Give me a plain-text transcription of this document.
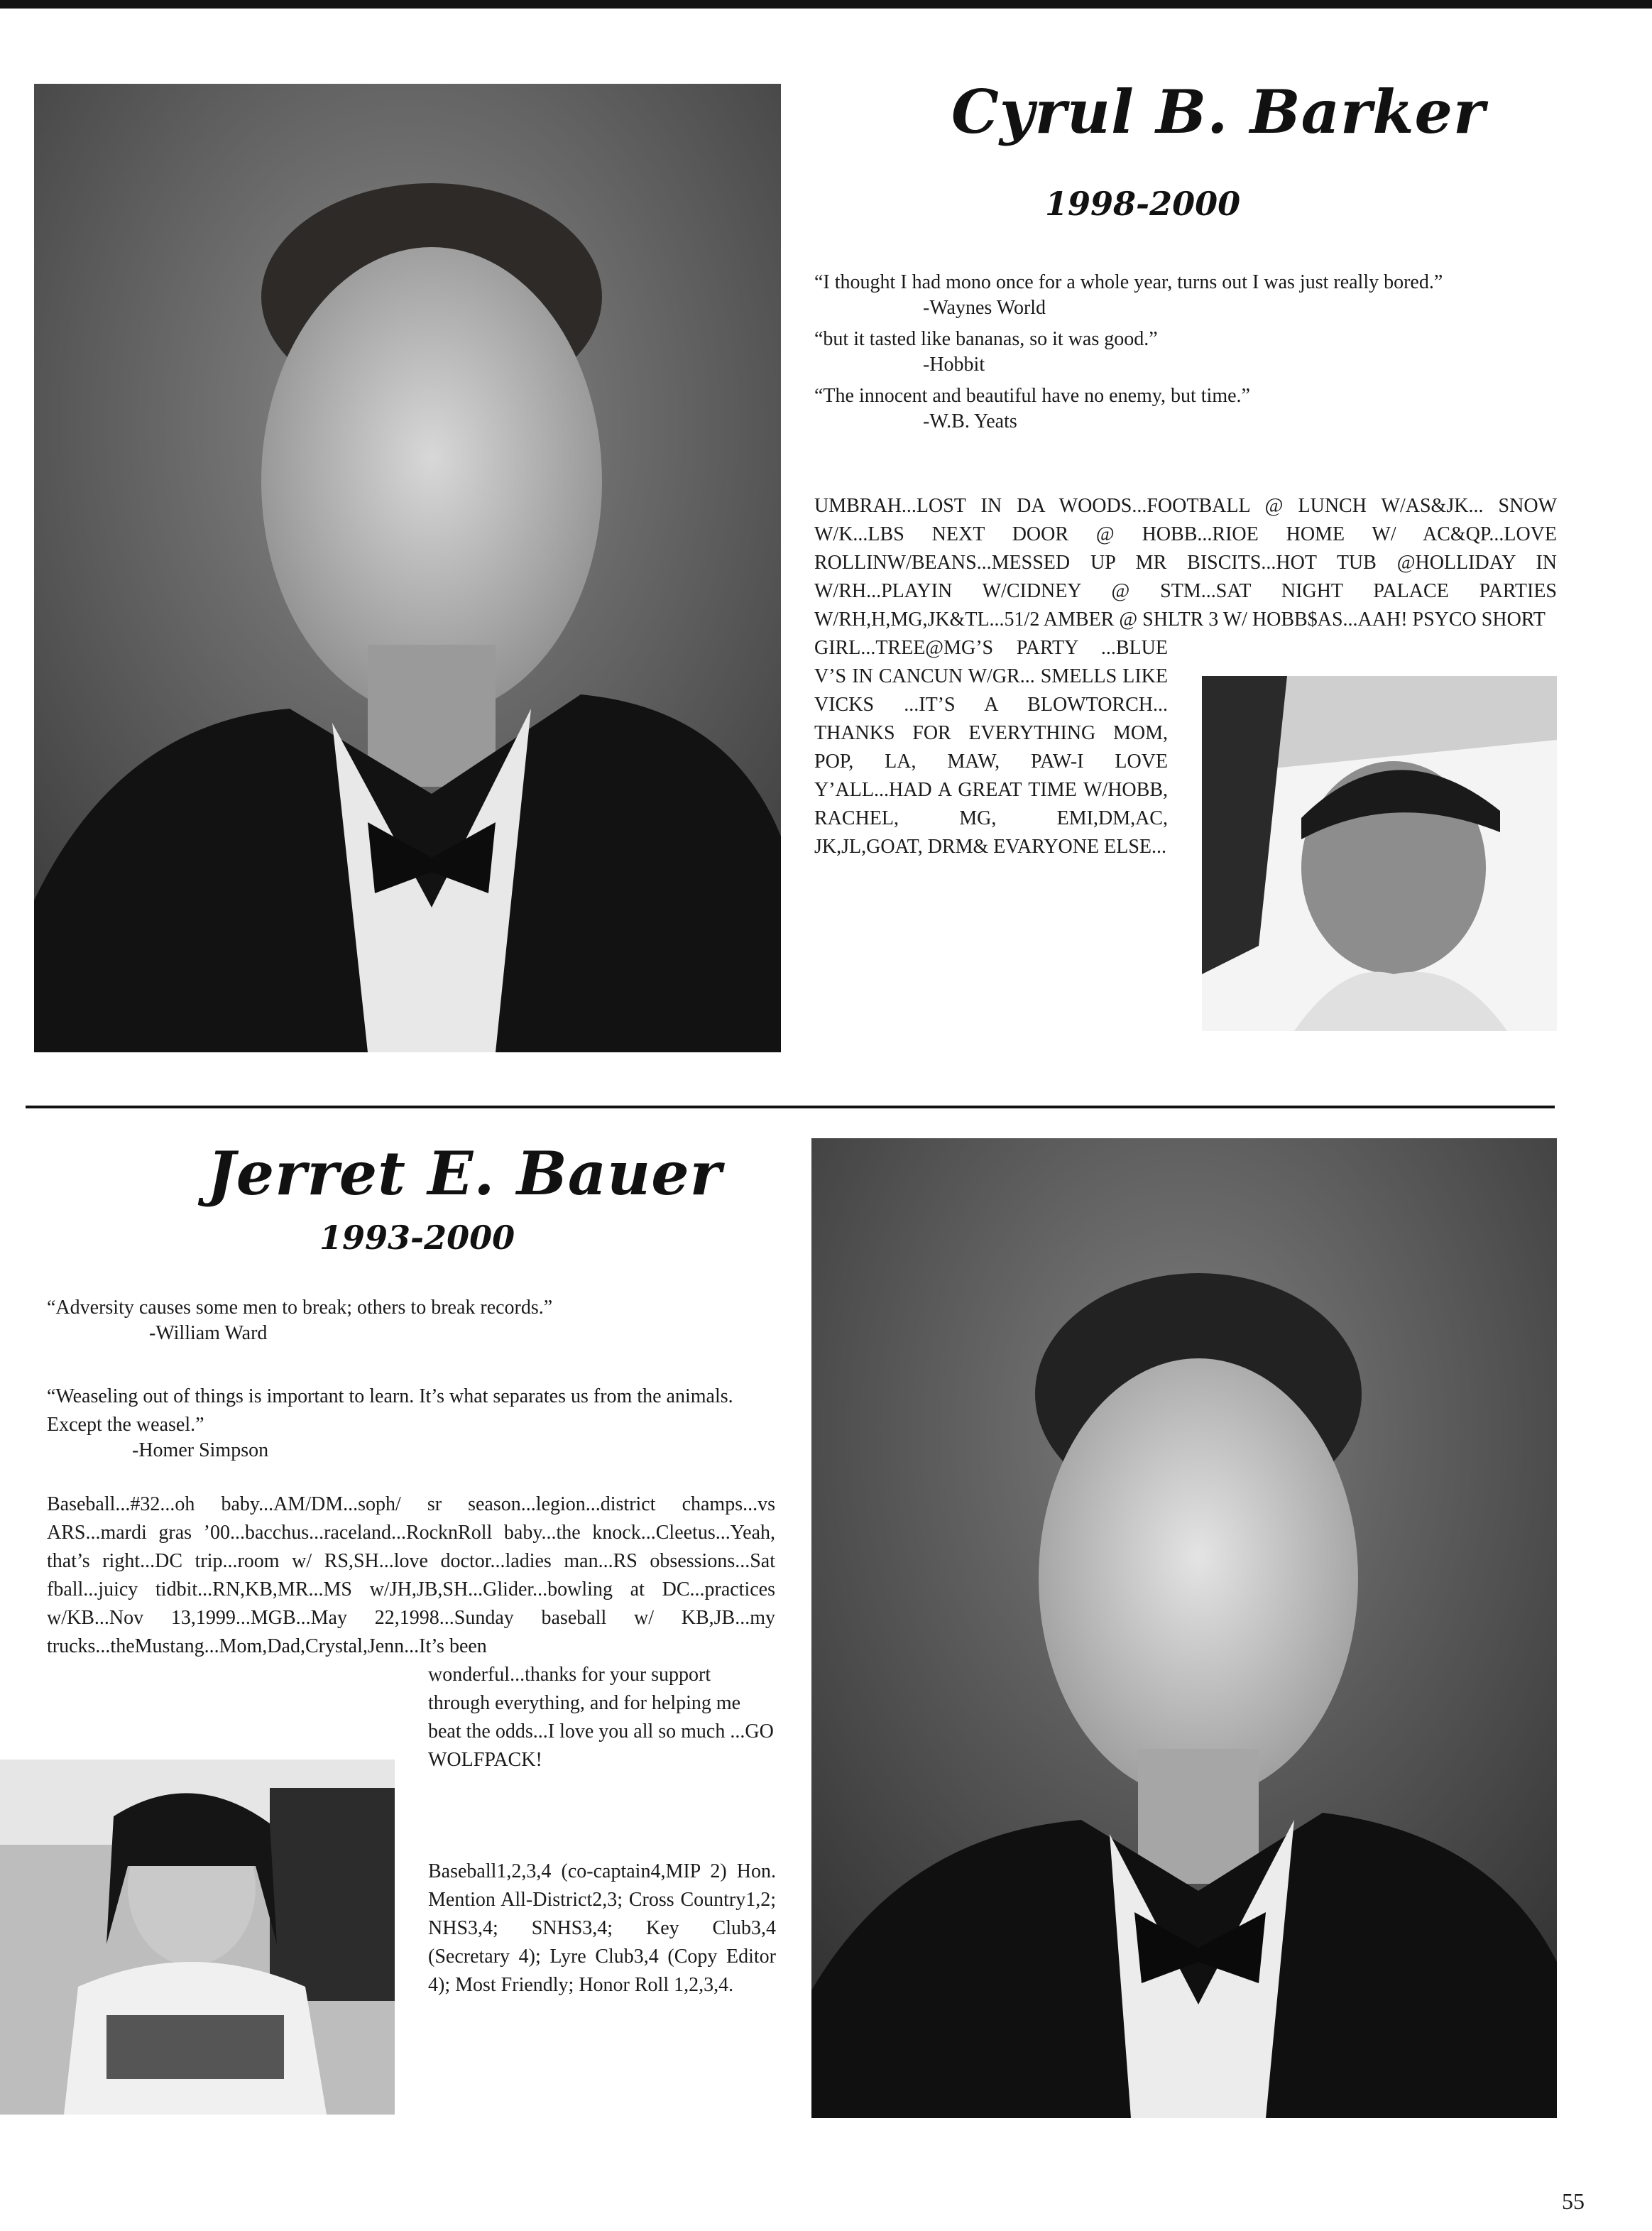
Cyrul B. Barker
1998-2000
“I thought I had mono once for a whole year, turns out I was just really bored.”
-Waynes World
“but it tasted like bananas, so it was good.”
-Hobbit
“The innocent and beautiful have no enemy, but time.”
-W.B. Yeats
UMBRAH...LOST IN DA WOODS...FOOTBALL @ LUNCH W/AS&JK... SNOW W/K...LBS NEXT DOOR @ HOBB...RIOE HOME W/ AC&QP...LOVE ROLLINW/BEANS...MESSED UP MR BISCITS...HOT TUB @HOLLIDAY IN W/RH...PLAYIN W/CIDNEY @ STM...SAT NIGHT PALACE PARTIES W/RH,H,MG,JK&TL...51/2 AMBER @ SHLTR 3 W/ HOBB$AS...AAH! PSYCO SHORT
GIRL...TREE@MG’S PARTY ...BLUE V’S IN CANCUN W/GR... SMELLS LIKE VICKS ...IT’S A BLOWTORCH... THANKS FOR EVERYTHING MOM, POP, LA, MAW, PAW-I LOVE Y’ALL...HAD A GREAT TIME W/HOBB, RACHEL, MG, EMI,DM,AC, JK,JL,GOAT, DRM& EVARYONE ELSE...
Jerret E. Bauer
1993-2000
“Adversity causes some men to break; others to break records.”
-William Ward
“Weaseling out of things is important to learn. It’s what separates us from the animals. Except the weasel.”
-Homer Simpson
Baseball...#32...oh baby...AM/DM...soph/ sr season...legion...district champs...vs ARS...mardi gras ’00...bacchus...raceland...RocknRoll baby...the knock...Cleetus...Yeah, that’s right...DC trip...room w/ RS,SH...love doctor...ladies man...RS obsessions...Sat fball...juicy tidbit...RN,KB,MR...MS w/JH,JB,SH...Glider...bowling at DC...practices w/KB...Nov 13,1999...MGB...May 22,1998...Sunday baseball w/ KB,JB...my trucks...theMustang...Mom,Dad,Crystal,Jenn...It’s been
wonderful...thanks for your support through everything, and for helping me beat the odds...I love you all so much ...GO WOLFPACK!
Baseball1,2,3,4 (co-captain4,MIP 2) Hon. Mention All-District2,3; Cross Country1,2; NHS3,4; SNHS3,4; Key Club3,4 (Secretary 4); Lyre Club3,4 (Copy Editor 4); Most Friendly; Honor Roll 1,2,3,4.
55
